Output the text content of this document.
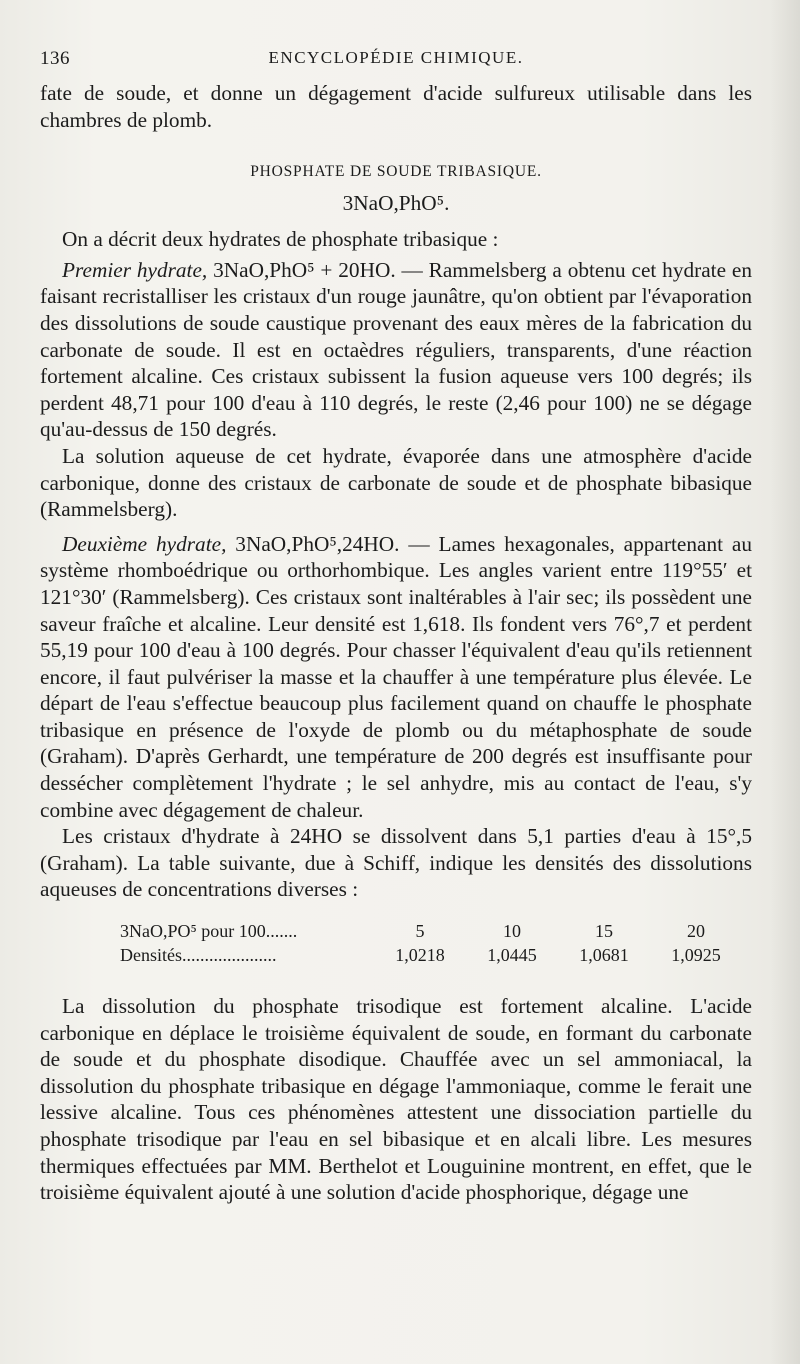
136	ENCYCLOPÉDIE CHIMIQUE.

fate de soude, et donne un dégagement d'acide sulfureux utilisable dans les chambres de plomb.

PHOSPHATE DE SOUDE TRIBASIQUE.
3NaO,PhO⁵.

On a décrit deux hydrates de phosphate tribasique :

Premier hydrate, 3NaO,PhO⁵ + 20HO. — Rammelsberg a obtenu cet hydrate en faisant recristalliser les cristaux d'un rouge jaunâtre, qu'on obtient par l'évaporation des dissolutions de soude caustique provenant des eaux mères de la fabrication du carbonate de soude. Il est en octaèdres réguliers, transparents, d'une réaction fortement alcaline. Ces cristaux subissent la fusion aqueuse vers 100 degrés; ils perdent 48,71 pour 100 d'eau à 110 degrés, le reste (2,46 pour 100) ne se dégage qu'au-dessus de 150 degrés.

La solution aqueuse de cet hydrate, évaporée dans une atmosphère d'acide carbonique, donne des cristaux de carbonate de soude et de phosphate bibasique (Rammelsberg).

Deuxième hydrate, 3NaO,PhO⁵,24HO. — Lames hexagonales, appartenant au système rhomboédrique ou orthorhombique. Les angles varient entre 119°55′ et 121°30′ (Rammelsberg). Ces cristaux sont inaltérables à l'air sec; ils possèdent une saveur fraîche et alcaline. Leur densité est 1,618. Ils fondent vers 76°,7 et perdent 55,19 pour 100 d'eau à 100 degrés. Pour chasser l'équivalent d'eau qu'ils retiennent encore, il faut pulvériser la masse et la chauffer à une température plus élevée. Le départ de l'eau s'effectue beaucoup plus facilement quand on chauffe le phosphate tribasique en présence de l'oxyde de plomb ou du métaphosphate de soude (Graham). D'après Gerhardt, une température de 200 degrés est insuffisante pour dessécher complètement l'hydrate ; le sel anhydre, mis au contact de l'eau, s'y combine avec dégagement de chaleur.

Les cristaux d'hydrate à 24HO se dissolvent dans 5,1 parties d'eau à 15°,5 (Graham). La table suivante, due à Schiff, indique les densités des dissolutions aqueuses de concentrations diverses :

3NaO,PO⁵ pour 100.......	5	10	15	20
Densités.....................	1,0218	1,0445	1,0681	1,0925

La dissolution du phosphate trisodique est fortement alcaline. L'acide carbonique en déplace le troisième équivalent de soude, en formant du carbonate de soude et du phosphate disodique. Chauffée avec un sel ammoniacal, la dissolution du phosphate tribasique en dégage l'ammoniaque, comme le ferait une lessive alcaline. Tous ces phénomènes attestent une dissociation partielle du phosphate trisodique par l'eau en sel bibasique et en alcali libre. Les mesures thermiques effectuées par MM. Berthelot et Louguinine montrent, en effet, que le troisième équivalent ajouté à une solution d'acide phosphorique, dégage une
